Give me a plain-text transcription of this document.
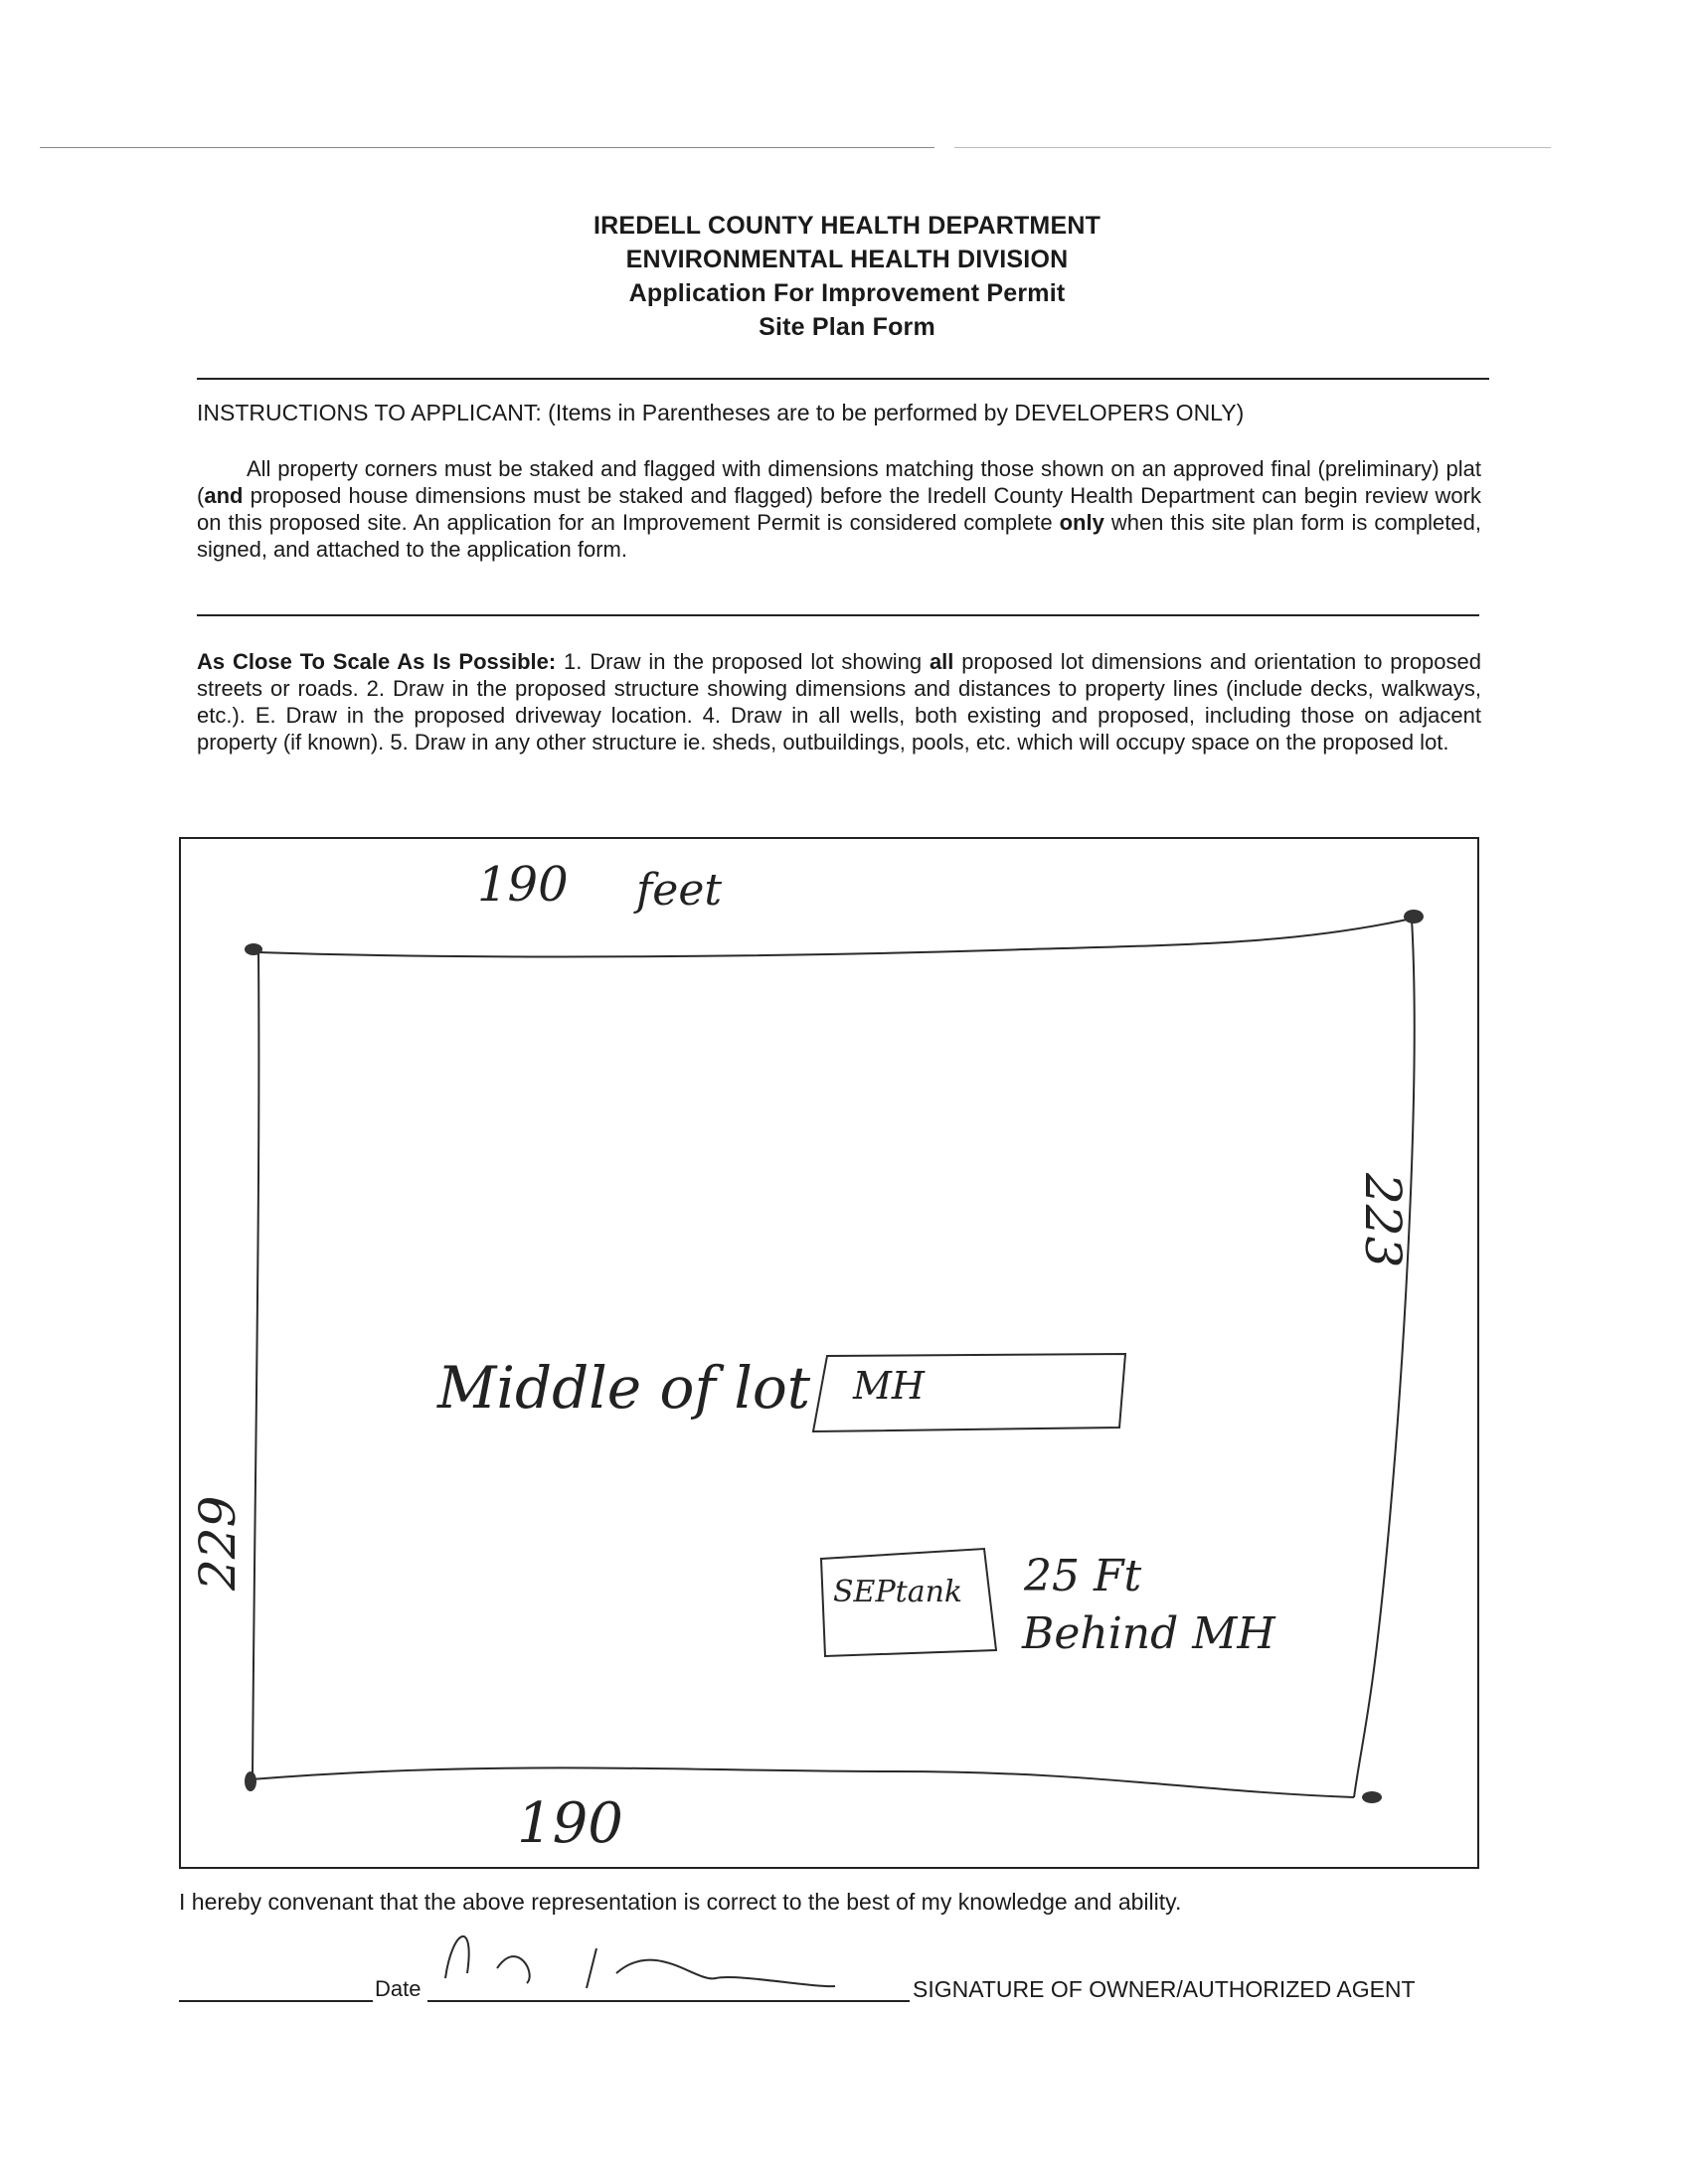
IREDELL COUNTY HEALTH DEPARTMENT
ENVIRONMENTAL HEALTH DIVISION
Application For Improvement Permit
Site Plan Form
INSTRUCTIONS TO APPLICANT: (Items in Parentheses are to be performed by DEVELOPERS ONLY)
All property corners must be staked and flagged with dimensions matching those shown on an approved final (preliminary) plat (and proposed house dimensions must be staked and flagged) before the Iredell County Health Department can begin review work on this proposed site. An application for an Improvement Permit is considered complete only when this site plan form is completed, signed, and attached to the application form.
As Close To Scale As Is Possible: 1. Draw in the proposed lot showing all proposed lot dimensions and orientation to proposed streets or roads. 2. Draw in the proposed structure showing dimensions and distances to property lines (include decks, walkways, etc.). E. Draw in the proposed driveway location. 4. Draw in all wells, both existing and proposed, including those on adjacent property (if known). 5. Draw in any other structure ie. sheds, outbuildings, pools, etc. which will occupy space on the proposed lot.
190 feet
223
229
Middle of lot MH
SEPtank 25 Ft
Behind MH
190
I hereby convenant that the above representation is correct to the best of my knowledge and ability.
Date	SIGNATURE OF OWNER/AUTHORIZED AGENT
